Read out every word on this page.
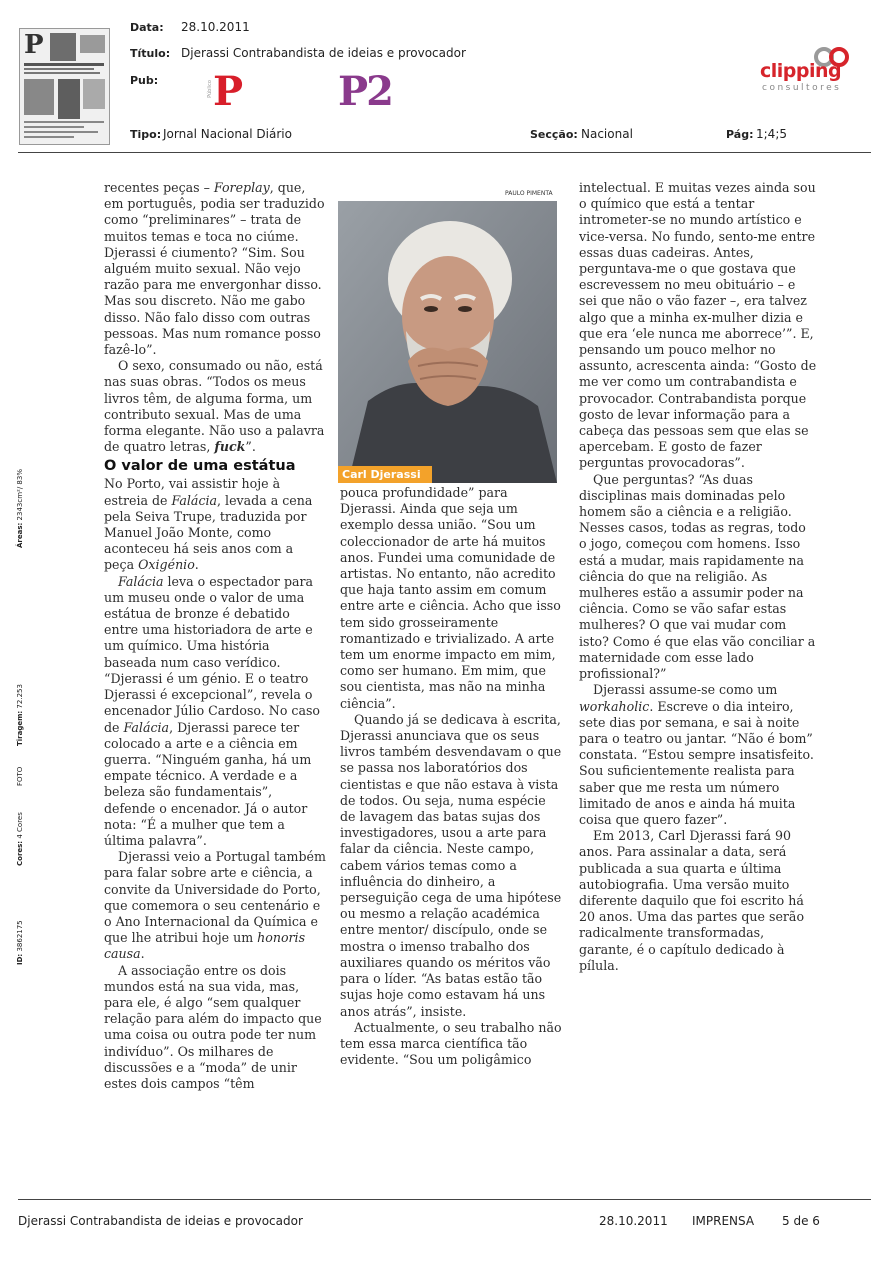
P
Data: 28.10.2011
Título: Djerassi Contrabandista de ideias e provocador
Pub: P
Público	P2	clipping
consultores
Tipo: Jornal Nacional Diário	Secção: Nacional	Pág: 1;4;5
Áreas: 2343cm²/ 83%
Tiragem: 72.253
FOTO
Cores: 4 Cores
ID: 3862175

recentes peças – Foreplay, que, em português, podia ser traduzido como “preliminares” – trata de muitos temas e toca no ciúme. Djerassi é ciumento? “Sim. Sou alguém muito sexual. Não vejo razão para me envergonhar disso. Mas sou discreto. Não me gabo disso. Não falo disso com outras pessoas. Mas num romance posso fazê-lo”.

O sexo, consumado ou não, está nas suas obras. “Todos os meus livros têm, de alguma forma, um contributo sexual. Mas de uma forma elegante. Não uso a palavra de quatro letras, fuck”.

O valor de uma estátua

No Porto, vai assistir hoje à estreia de Falácia, levada a cena pela Seiva Trupe, traduzida por Manuel João Monte, como aconteceu há seis anos com a peça Oxigénio.

Falácia leva o espectador para um museu onde o valor de uma estátua de bronze é debatido entre uma historiadora de arte e um químico. Uma história baseada num caso verídico. “Djerassi é um génio. E o teatro Djerassi é excepcional”, revela o encenador Júlio Cardoso. No caso de Falácia, Djerassi parece ter colocado a arte e a ciência em guerra. “Ninguém ganha, há um empate técnico. A verdade e a beleza são fundamentais”, defende o encenador. Já o autor nota: “É a mulher que tem a última palavra”.

Djerassi veio a Portugal também para falar sobre arte e ciência, a convite da Universidade do Porto, que comemora o seu centenário e o Ano Internacional da Química e que lhe atribui hoje um honoris causa.

A associação entre os dois mundos está na sua vida, mas, para ele, é algo “sem qualquer relação para além do impacto que uma coisa ou outra pode ter num indivíduo”. Os milhares de discussões e a “moda” de unir estes dois campos “têm

PAULO PIMENTA
Carl Djerassi

pouca profundidade” para Djerassi. Ainda que seja um exemplo dessa união. “Sou um coleccionador de arte há muitos anos. Fundei uma comunidade de artistas. No entanto, não acredito que haja tanto assim em comum entre arte e ciência. Acho que isso tem sido grosseiramente romantizado e trivializado. A arte tem um enorme impacto em mim, como ser humano. Em mim, que sou cientista, mas não na minha ciência”.

Quando já se dedicava à escrita, Djerassi anunciava que os seus livros também desvendavam o que se passa nos laboratórios dos cientistas e que não estava à vista de todos. Ou seja, numa espécie de lavagem das batas sujas dos investigadores, usou a arte para falar da ciência. Neste campo, cabem vários temas como a influência do dinheiro, a perseguição cega de uma hipótese ou mesmo a relação académica entre mentor/ discípulo, onde se mostra o imenso trabalho dos auxiliares quando os méritos vão para o líder. “As batas estão tão sujas hoje como estavam há uns anos atrás”, insiste.

Actualmente, o seu trabalho não tem essa marca científica tão evidente. “Sou um poligâmico

intelectual. E muitas vezes ainda sou o químico que está a tentar intrometer-se no mundo artístico e vice-versa. No fundo, sento-me entre essas duas cadeiras. Antes, perguntava-me o que gostava que escrevessem no meu obituário – e sei que não o vão fazer –, era talvez algo que a minha ex-mulher dizia e que era ‘ele nunca me aborrece’”. E, pensando um pouco melhor no assunto, acrescenta ainda: “Gosto de me ver como um contrabandista e provocador. Contrabandista porque gosto de levar informação para a cabeça das pessoas sem que elas se apercebam. E gosto de fazer perguntas provocadoras”.

Que perguntas? “As duas disciplinas mais dominadas pelo homem são a ciência e a religião. Nesses casos, todas as regras, todo o jogo, começou com homens. Isso está a mudar, mais rapidamente na ciência do que na religião. As mulheres estão a assumir poder na ciência. Como se vão safar estas mulheres? O que vai mudar com isto? Como é que elas vão conciliar a maternidade com esse lado profissional?”

Djerassi assume-se como um workaholic. Escreve o dia inteiro, sete dias por semana, e sai à noite para o teatro ou jantar. “Não é bom” constata. “Estou sempre insatisfeito. Sou suficientemente realista para saber que me resta um número limitado de anos e ainda há muita coisa que quero fazer”.

Em 2013, Carl Djerassi fará 90 anos. Para assinalar a data, será publicada a sua quarta e última autobiografia. Uma versão muito diferente daquilo que foi escrito há 20 anos. Uma das partes que serão radicalmente transformadas, garante, é o capítulo dedicado à pílula.

Djerassi Contrabandista de ideias e provocador	28.10.2011 IMPRENSA 5 de 6
